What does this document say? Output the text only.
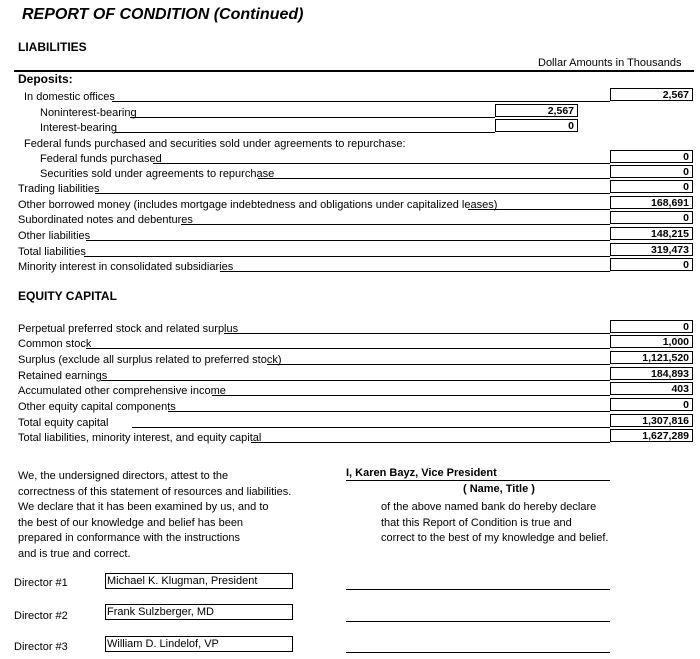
REPORT OF CONDITION (Continued)
LIABILITIES
Dollar Amounts in Thousands
Deposits:
In domestic offices	2,567
Noninterest-bearing	2,567
Interest-bearing	0
Federal funds purchased and securities sold under agreements to repurchase:
Federal funds purchased	0
Securities sold under agreements to repurchase	0
Trading liabilities	0
Other borrowed money (includes mortgage indebtedness and obligations under capitalized leases)	168,691
Subordinated notes and debentures	0
Other liabilities	148,215
Total liabilities	319,473
Minority interest in consolidated subsidiaries	0
EQUITY CAPITAL
Perpetual preferred stock and related surplus	0
Common stock	1,000
Surplus (exclude all surplus related to preferred stock)	1,121,520
Retained earnings	184,893
Accumulated other comprehensive income	403
Other equity capital components	0
Total equity capital	1,307,816
Total liabilities, minority interest, and equity capital	1,627,289
We, the undersigned directors, attest to the
correctness of this statement of resources and liabilities.
We declare that it has been examined by us, and to
the best of our knowledge and belief has been
prepared in conformance with the instructions
and is true and correct.
I, Karen Bayz, Vice President
( Name, Title )
of the above named bank do hereby declare
that this Report of Condition is true and
correct to the best of my knowledge and belief.
Director #1	Michael K. Klugman, President
Director #2	Frank Sulzberger, MD
Director #3	William D. Lindelof, VP
